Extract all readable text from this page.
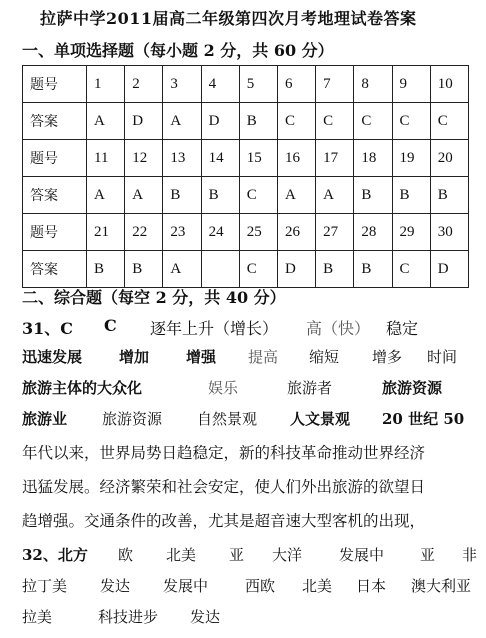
拉萨中学2011届高二年级第四次月考地理试卷答案
一、单项选择题（每小题 2 分，共 60 分）
题号	1	2	3	4	5	6	7	8	9	10
答案	A	D	A	D	B	C	C	C	C	C
题号	11	12	13	14	15	16	17	18	19	20
答案	A	A	B	B	C	A	A	B	B	B
题号	21	22	23	24	25	26	27	28	29	30
答案	B	B	A		C	D	B	B	C	D
二、综合题（每空 2 分，共 40 分）
31、C C 逐年上升（增长） 高（快） 稳定
迅速发展 增加 增强 提高 缩短 增多 时间
旅游主体的大众化	娱乐	旅游者	旅游资源
旅游业 旅游资源 自然景观 人文景观 20 世纪 50
年代以来，世界局势日趋稳定，新的科技革命推动世界经济
迅猛发展。经济繁荣和社会安定，使人们外出旅游的欲望日
趋增强。交通条件的改善，尤其是超音速大型客机的出现，
32、北方 欧 北美 亚 大洋 发展中 亚 非
拉丁美 发达 发展中 西欧 北美 日本 澳大利亚
拉美	科技进步 发达
